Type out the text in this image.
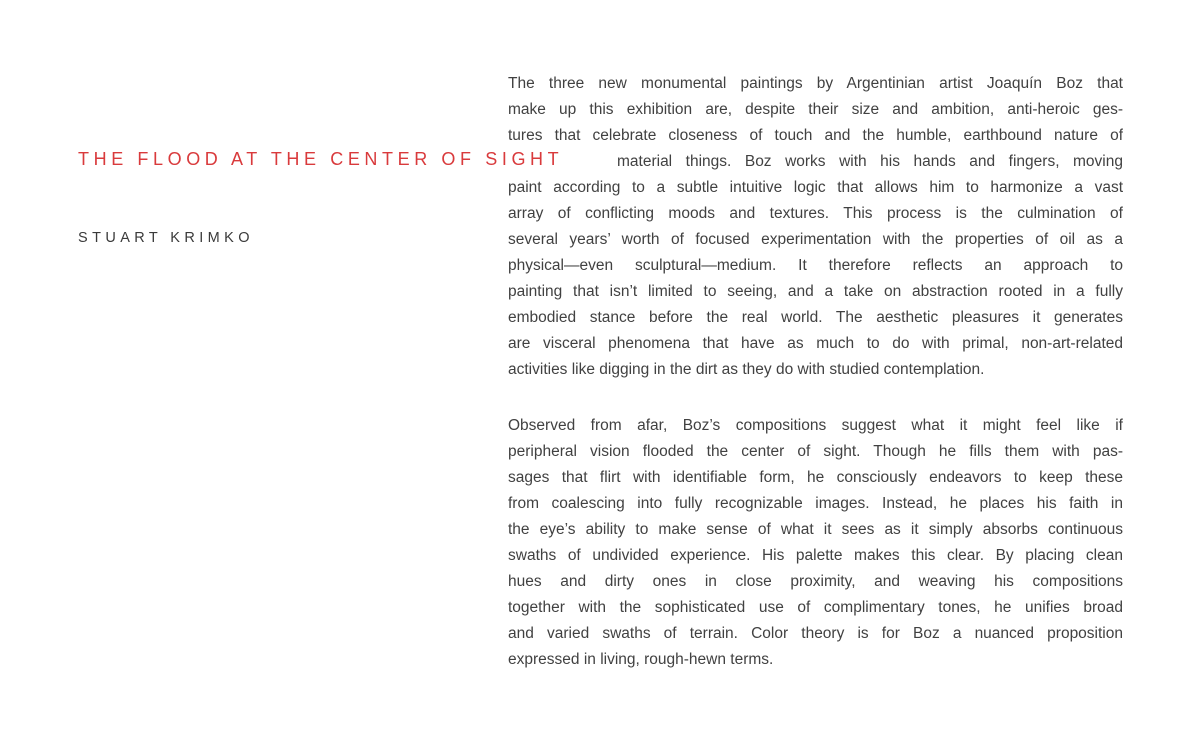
THE FLOOD AT THE CENTER OF SIGHT
STUART KRIMKO
The three new monumental paintings by Argentinian artist Joaquín Boz that
make up this exhibition are, despite their size and ambition, anti-heroic ges-
tures that celebrate closeness of touch and the humble, earthbound nature of
material things. Boz works with his hands and fingers, moving
paint according to a subtle intuitive logic that allows him to harmonize a vast
array of conflicting moods and textures. This process is the culmination of
several years’ worth of focused experimentation with the properties of oil as a
physical—even sculptural—medium. It therefore reflects an approach to
painting that isn’t limited to seeing, and a take on abstraction rooted in a fully
embodied stance before the real world. The aesthetic pleasures it generates
are visceral phenomena that have as much to do with primal, non-art-related
activities like digging in the dirt as they do with studied contemplation.
Observed from afar, Boz’s compositions suggest what it might feel like if
peripheral vision flooded the center of sight. Though he fills them with pas-
sages that flirt with identifiable form, he consciously endeavors to keep these
from coalescing into fully recognizable images. Instead, he places his faith in
the eye’s ability to make sense of what it sees as it simply absorbs continuous
swaths of undivided experience. His palette makes this clear. By placing clean
hues and dirty ones in close proximity, and weaving his compositions
together with the sophisticated use of complimentary tones, he unifies broad
and varied swaths of terrain. Color theory is for Boz a nuanced proposition
expressed in living, rough-hewn terms.
